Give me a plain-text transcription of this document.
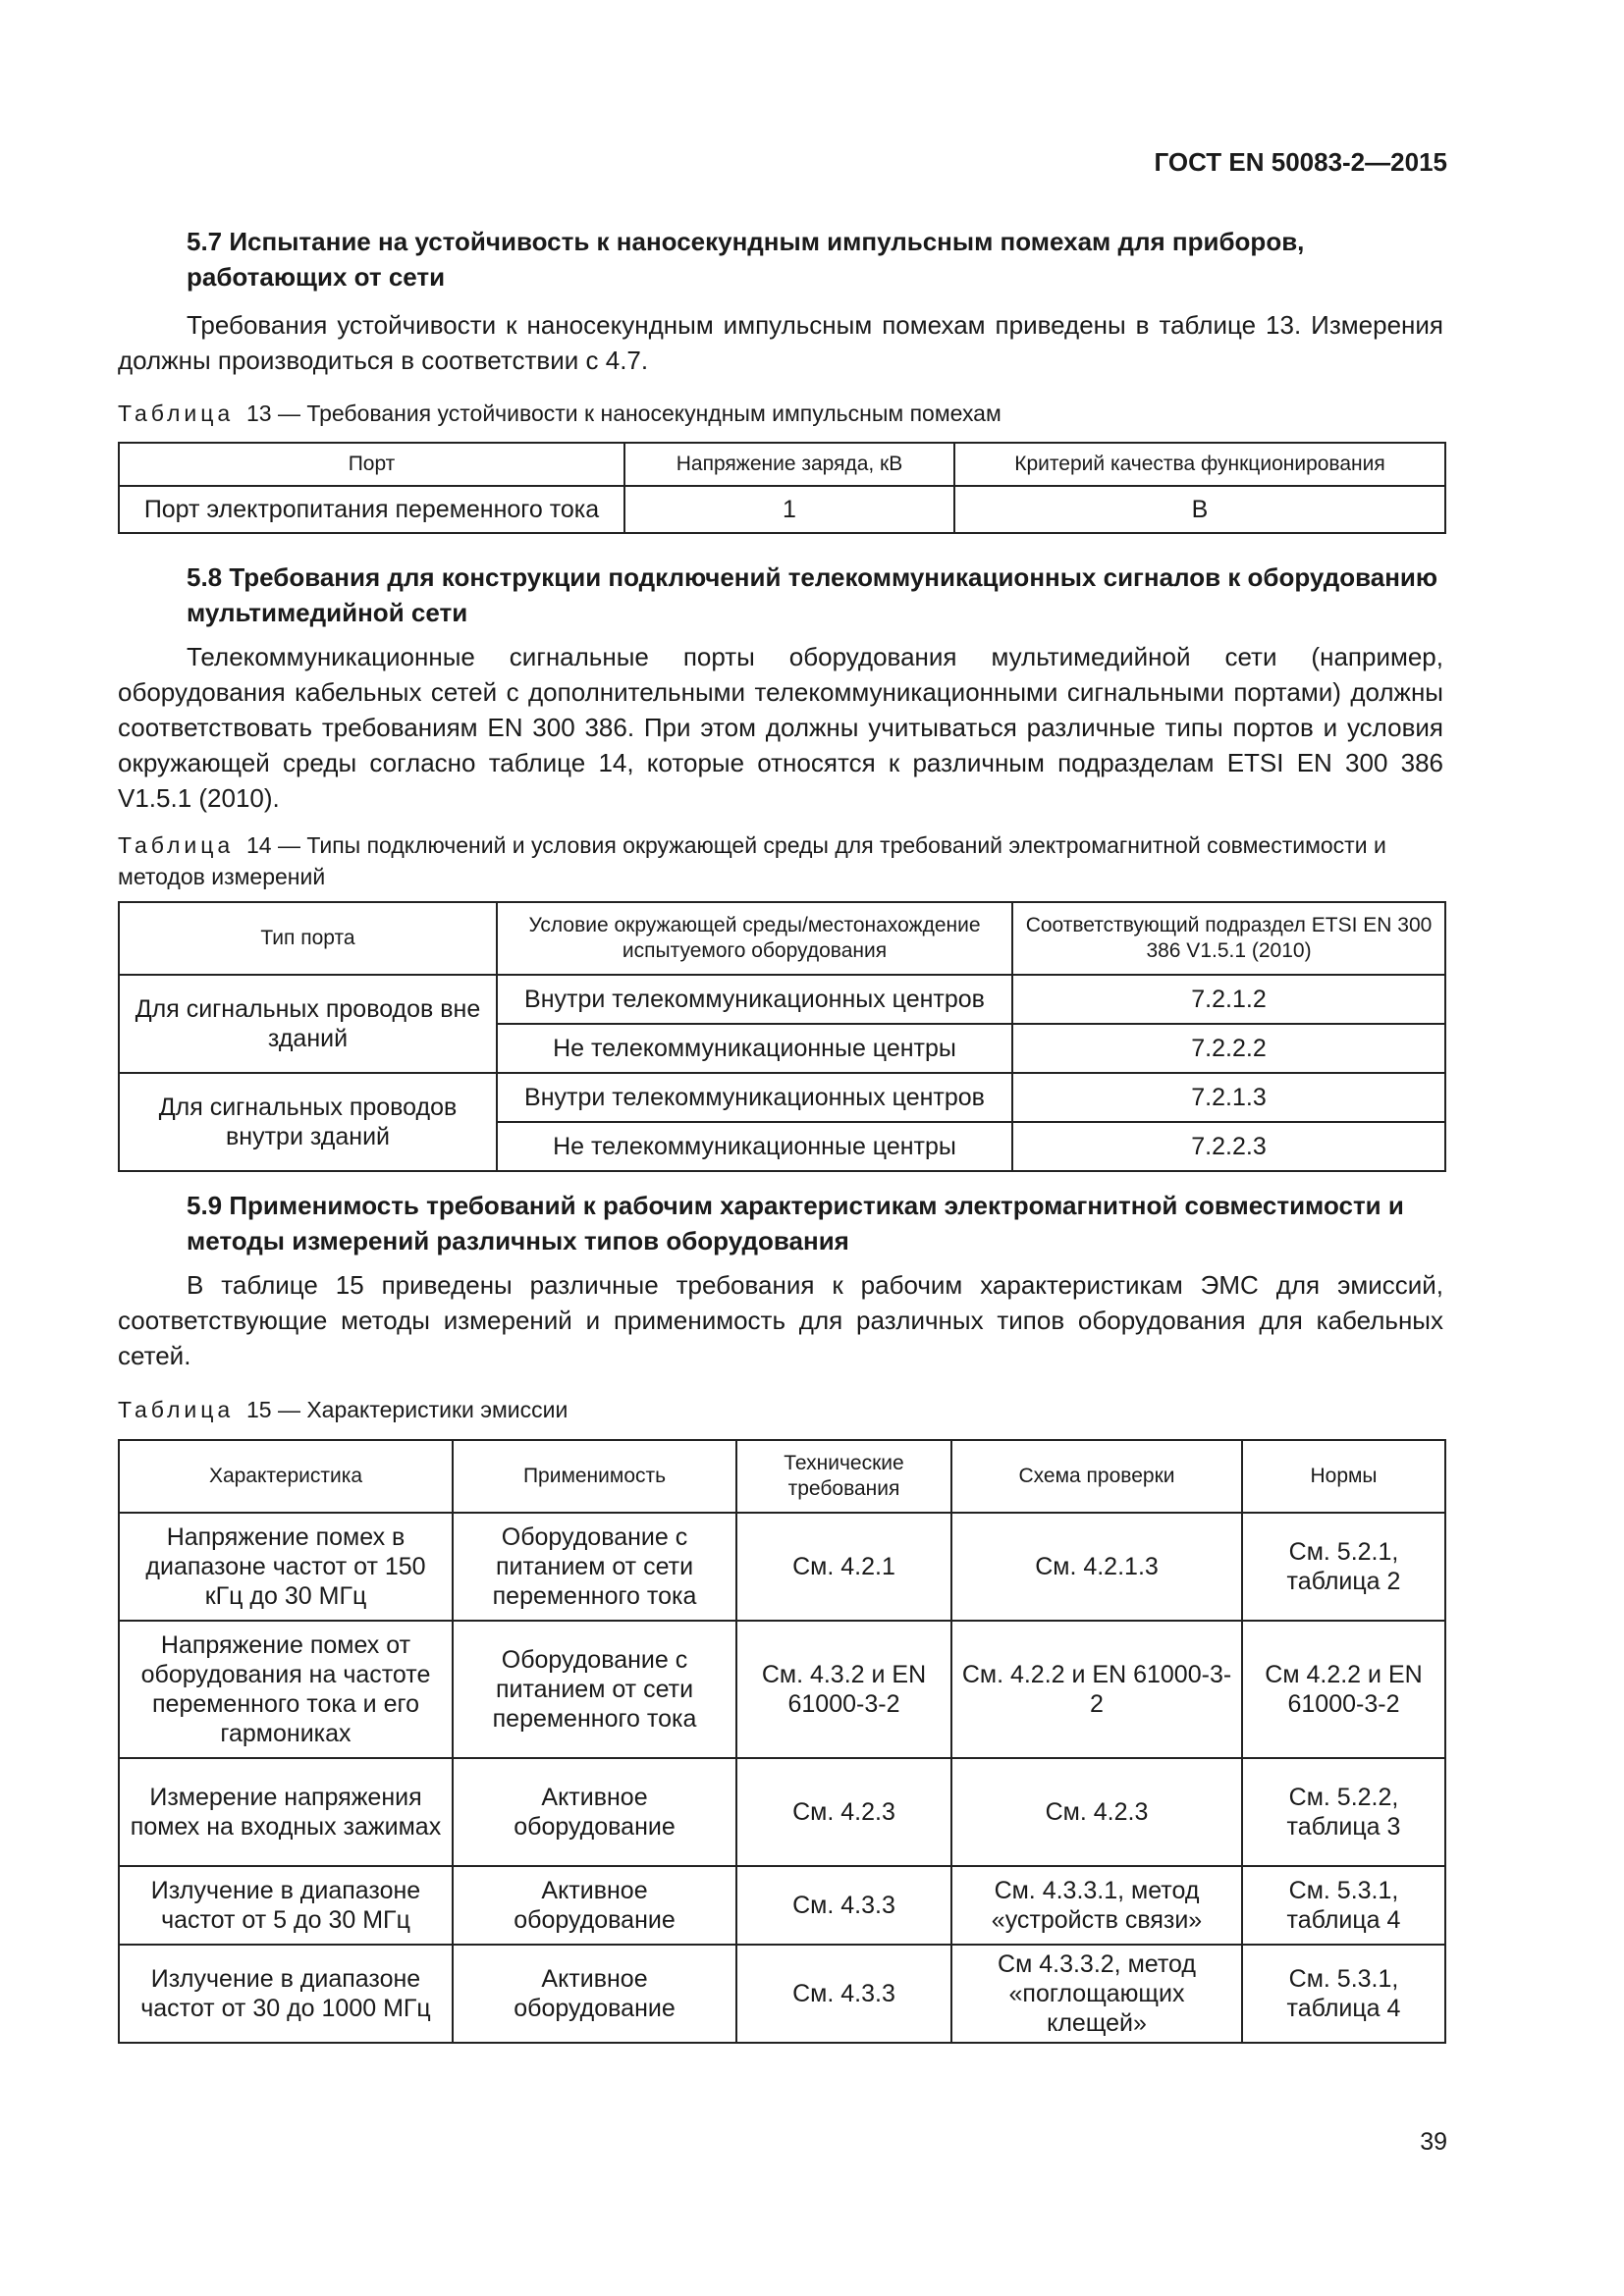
ГОСТ EN 50083-2—2015
5.7 Испытание на устойчивость к наносекундным импульсным помехам для приборов, работающих от сети
Требования устойчивости к наносекундным импульсным помехам приведены в таблице 13. Измерения должны производиться в соответствии с 4.7.
Таблица 13 — Требования устойчивости к наносекундным импульсным помехам
Порт	Напряжение заряда, кВ	Критерий качества функционирования
Порт электропитания переменного тока	1	В
5.8 Требования для конструкции подключений телекоммуникационных сигналов к оборудованию мультимедийной сети
Телекоммуникационные сигнальные порты оборудования мультимедийной сети (например, оборудования кабельных сетей с дополнительными телекоммуникационными сигнальными портами) должны соответствовать требованиям EN 300 386. При этом должны учитываться различные типы портов и условия окружающей среды согласно таблице 14, которые относятся к различным подразделам ETSI EN 300 386 V1.5.1 (2010).
Таблица 14 — Типы подключений и условия окружающей среды для требований электромагнитной совместимости и методов измерений
Тип порта	Условие окружающей среды/местонахождение испытуемого оборудования	Соответствующий подраздел ETSI EN 300 386 V1.5.1 (2010)
Для сигнальных проводов вне зданий	Внутри телекоммуникационных центров	7.2.1.2
	Не телекоммуникационные центры	7.2.2.2
Для сигнальных проводов внутри зданий	Внутри телекоммуникационных центров	7.2.1.3
	Не телекоммуникационные центры	7.2.2.3
5.9 Применимость требований к рабочим характеристикам электромагнитной совместимости и методы измерений различных типов оборудования
В таблице 15 приведены различные требования к рабочим характеристикам ЭМС для эмиссий, соответствующие методы измерений и применимость для различных типов оборудования для кабельных сетей.
Таблица 15 — Характеристики эмиссии
Характеристика	Применимость	Технические требования	Схема проверки	Нормы
Напряжение помех в диапазоне частот от 150 кГц до 30 МГц	Оборудование с питанием от сети переменного тока	См. 4.2.1	См. 4.2.1.3	См. 5.2.1, таблица 2
Напряжение помех от оборудования на частоте переменного тока и его гармониках	Оборудование с питанием от сети переменного тока	См. 4.3.2 и EN 61000-3-2	См. 4.2.2 и EN 61000-3-2	См 4.2.2 и EN 61000-3-2
Измерение напряжения помех на входных зажимах	Активное оборудование	См. 4.2.3	См. 4.2.3	См. 5.2.2, таблица 3
Излучение в диапазоне частот от 5 до 30 МГц	Активное оборудование	См. 4.3.3	См. 4.3.3.1, метод «устройств связи»	См. 5.3.1, таблица 4
Излучение в диапазоне частот от 30 до 1000 МГц	Активное оборудование	См. 4.3.3	См 4.3.3.2, метод «поглощающих клещей»	См. 5.3.1, таблица 4
39
